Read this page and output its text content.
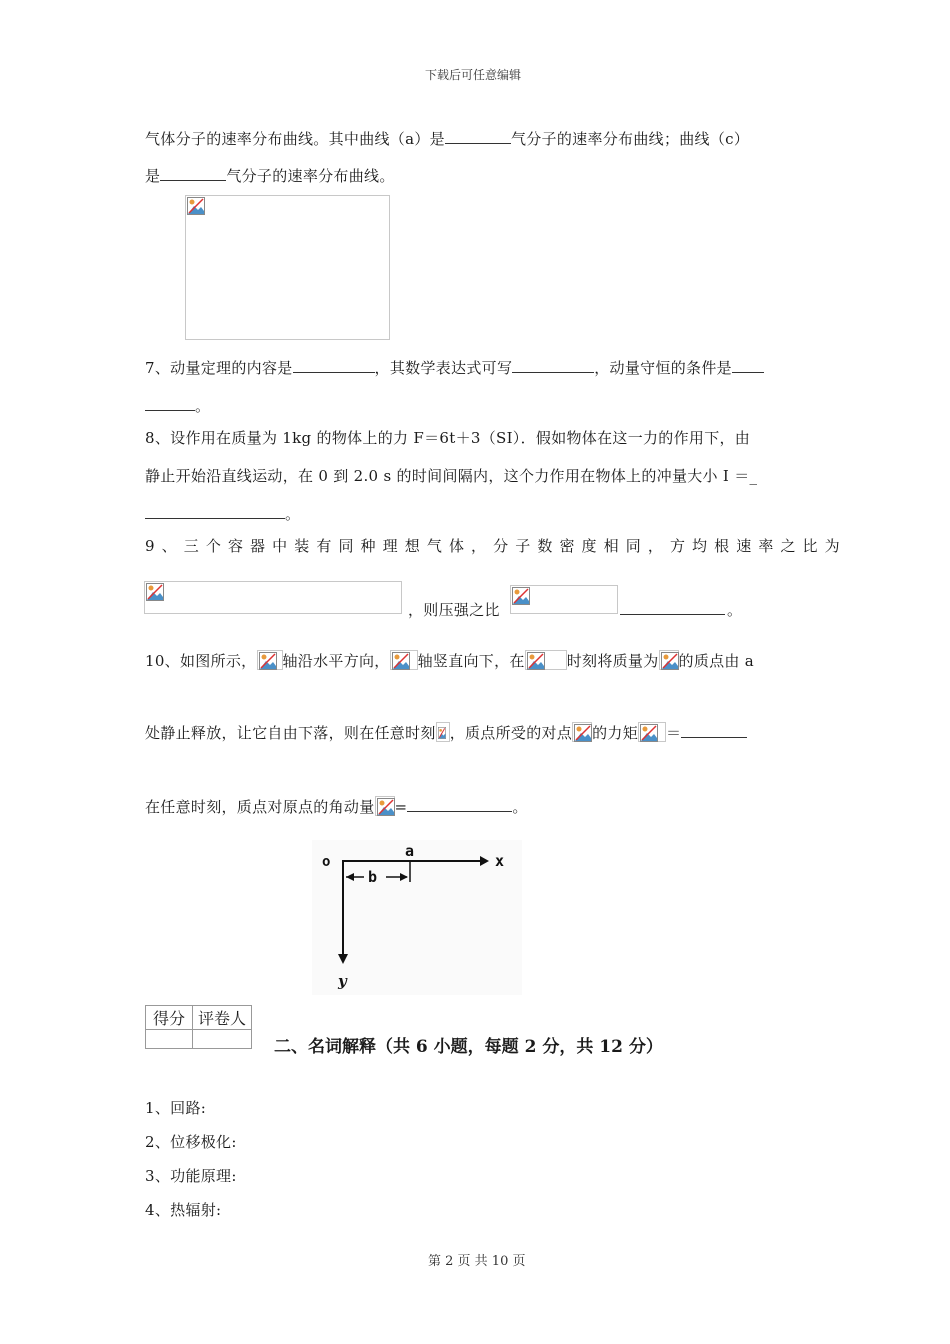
下载后可任意编辑
气体分子的速率分布曲线。其中曲线（a）是	气分子的速率分布曲线；曲线（c）
是	气分子的速率分布曲线。
7、动量定理的内容是	，其数学表达式可写	，动量守恒的条件是
。
8、设作用在质量为 1kg 的物体上的力 F＝6t＋3（SI）．假如物体在这一力的作用下，由
静止开始沿直线运动，在 0 到 2.0 s 的时间间隔内，这个力作用在物体上的冲量大小 I ＝_
。
9、三个容器中装有同种理想气体，分子数密度相同，方均根速率之比为
，则压强之比	。
10、如图所示， 轴沿水平方向， 轴竖直向下，在	时刻将质量为 的质点由 a
处静止释放，让它自由下落，则在任意时刻 ，质点所受的对点 的力矩 ＝
在任意时刻，质点对原点的角动量 =	。
o
a
x
b
y
得分	评卷人

二、名词解释（共 6 小题，每题 2 分，共 12 分）
1、回路:
2、位移极化:
3、功能原理:
4、热辐射:
第 2 页 共 10 页
